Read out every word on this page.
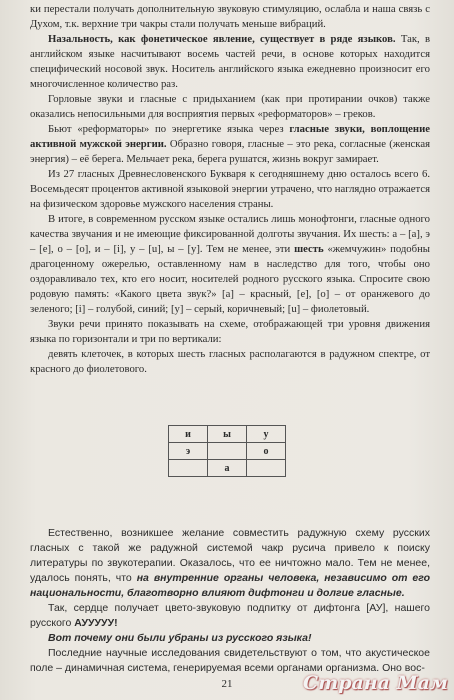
ки перестали получать дополнительную звуковую стимуляцию, ослабла и наша связь с Духом, т.к. верхние три чакры стали получать меньше вибраций.

Назальность, как фонетическое явление, существует в ряде языков. Так, в английском языке насчитывают восемь частей речи, в основе которых находится специфический носовой звук. Носитель английского языка ежедневно произносит его многочисленное количество раз.

Горловые звуки и гласные с придыханием (как при протирании очков) также оказались непосильными для восприятия первых «реформаторов» – греков.

Бьют «реформаторы» по энергетике языка через гласные звуки, воплощение активной мужской энергии. Образно говоря, гласные – это река, согласные (женская энергия) – её берега. Мельчает река, берега рушатся, жизнь вокруг замирает.

Из 27 гласных Древнесловенского Букваря к сегодняшнему дню осталось всего 6. Восемьдесят процентов активной языковой энергии утрачено, что наглядно отражается на физическом здоровье мужского населения страны.

В итоге, в современном русском языке остались лишь монофтонги, гласные одного качества звучания и не имеющие фиксированной долготы звучания. Их шесть: а – [а], э – [е], о – [о], и – [i], у – [u], ы – [у]. Тем не менее, эти шесть «жемчужин» подобны драгоценному ожерелью, оставленному нам в наследство для того, чтобы оно оздоравливало тех, кто его носит, носителей родного русского языка. Спросите свою родовую память: «Какого цвета звук?» [а] – красный, [е], [о] – от оранжевого до зеленого; [i] – голубой, синий; [у] – серый, коричневый; [u] – фиолетовый.

Звуки речи принято показывать на схеме, отображающей три уровня движения языка по горизонтали и три по вертикали:

девять клеточек, в которых шесть гласных располагаются в радужном спектре, от красного до фиолетового.

и	ы	у
э		о
	а	

Естественно, возникшее желание совместить радужную схему русских гласных с такой же радужной системой чакр русича привело к поиску литературы по звукотерапии. Оказалось, что ее ничтожно мало. Тем не менее, удалось понять, что на внутренние органы человека, независимо от его национальности, благотворно влияют дифтонги и долгие гласные.

Так, сердце получает цвето-звуковую подпитку от дифтонга [АУ], нашего русского АУУУУУ!

Вот почему они были убраны из русского языка!

Последние научные исследования свидетельствуют о том, что акустическое поле – динамичная система, генерируемая всеми органами организма. Оно вос-

21	Страна Мам
